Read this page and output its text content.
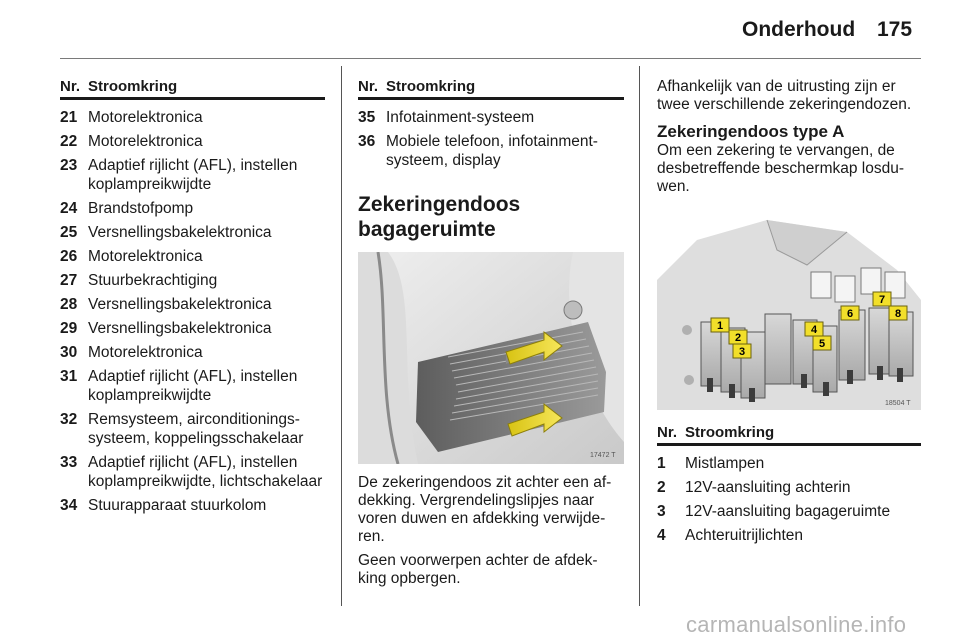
Onderhoud 175
Nr. Stroomkring
21 Motorelektronica
22 Motorelektronica
23 Adaptief rijlicht (AFL), instellen koplampreikwijdte
24 Brandstofpomp
25 Versnellingsbakelektronica
26 Motorelektronica
27 Stuurbekrachtiging
28 Versnellingsbakelektronica
29 Versnellingsbakelektronica
30 Motorelektronica
31 Adaptief rijlicht (AFL), instellen koplampreikwijdte
32 Remsysteem, airconditionings-systeem, koppelingsschakelaar
33 Adaptief rijlicht (AFL), instellen koplampreikwijdte, lichtschakelaar
34 Stuurapparaat stuurkolom
Nr. Stroomkring
35 Infotainment-systeem
36 Mobiele telefoon, infotainment-systeem, display
Zekeringendoos bagageruimte
17472 T

De zekeringendoos zit achter een af-dekking. Vergrendelingslipjes naar voren duwen en afdekking verwijde-ren.

Geen voorwerpen achter de afdek-king opbergen.

Afhankelijk van de uitrusting zijn er twee verschillende zekeringendozen.

Zekeringendoos type A

Om een zekering te vervangen, de desbetreffende beschermkap losdu-wen.

1
2
3
4
5
6
7
8
18504 T
Nr. Stroomkring
1	Mistlampen
2	12V-aansluiting achterin
3	12V-aansluiting bagageruimte
4	Achteruitrijlichten
carmanualsonline.info
